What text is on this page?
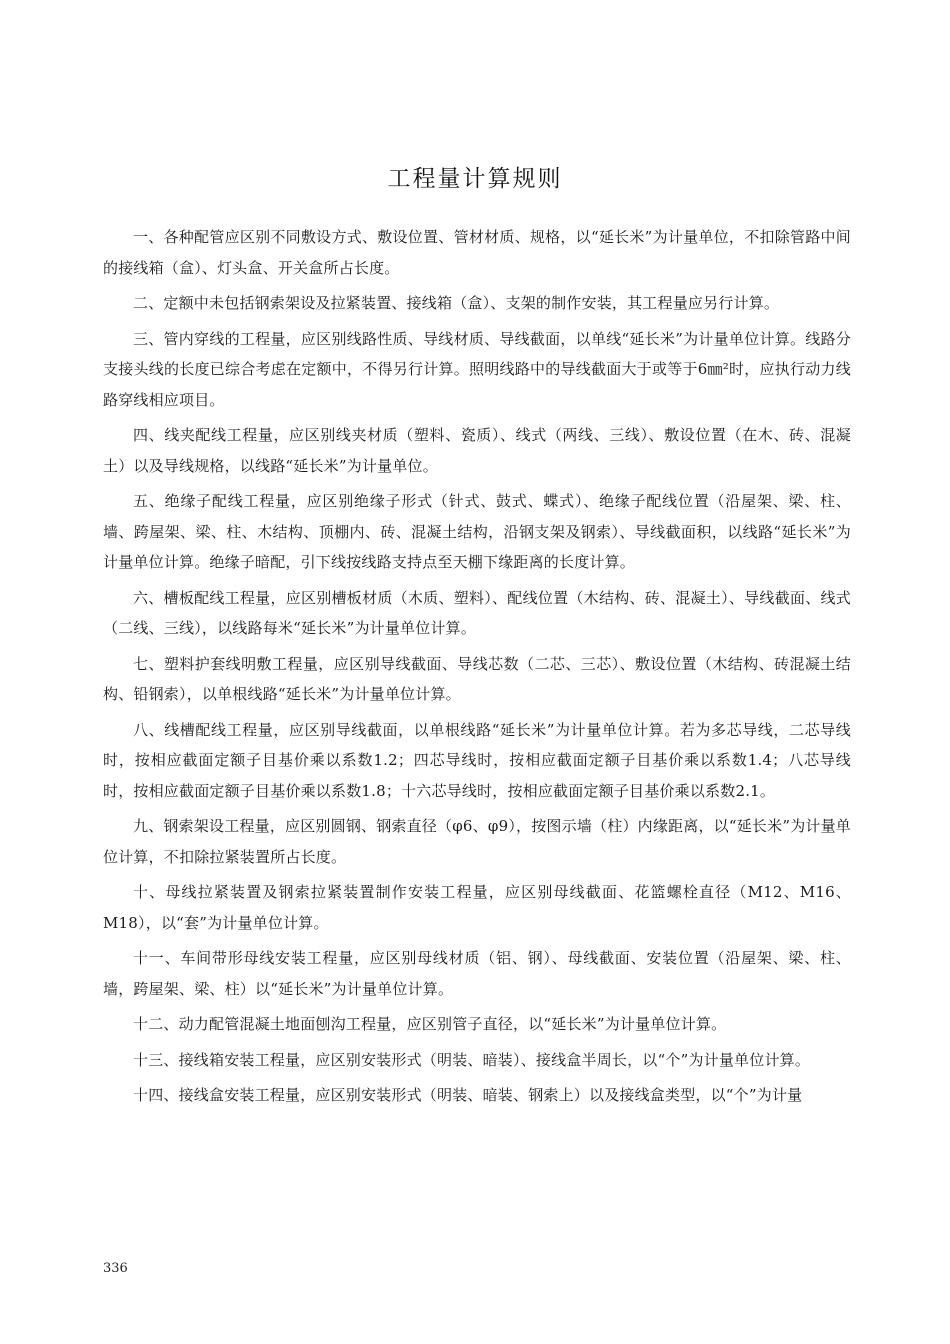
工程量计算规则

一、各种配管应区别不同敷设方式、敷设位置、管材材质、规格，以“延长米”为计量单位，不扣除管路中间的接线箱（盒）、灯头盒、开关盒所占长度。

二、定额中未包括钢索架设及拉紧装置、接线箱（盒）、支架的制作安装，其工程量应另行计算。

三、管内穿线的工程量，应区别线路性质、导线材质、导线截面，以单线“延长米”为计量单位计算。线路分支接头线的长度已综合考虑在定额中，不得另行计算。照明线路中的导线截面大于或等于6㎜²时，应执行动力线路穿线相应项目。

四、线夹配线工程量，应区别线夹材质（塑料、瓷质）、线式（两线、三线）、敷设位置（在木、砖、混凝土）以及导线规格，以线路“延长米”为计量单位。

五、绝缘子配线工程量，应区别绝缘子形式（针式、鼓式、蝶式）、绝缘子配线位置（沿屋架、梁、柱、墙、跨屋架、梁、柱、木结构、顶棚内、砖、混凝土结构，沿钢支架及钢索）、导线截面积，以线路“延长米”为计量单位计算。绝缘子暗配，引下线按线路支持点至天棚下缘距离的长度计算。

六、槽板配线工程量，应区别槽板材质（木质、塑料）、配线位置（木结构、砖、混凝土）、导线截面、线式（二线、三线），以线路每米“延长米”为计量单位计算。

七、塑料护套线明敷工程量，应区别导线截面、导线芯数（二芯、三芯）、敷设位置（木结构、砖混凝土结构、铅钢索），以单根线路“延长米”为计量单位计算。

八、线槽配线工程量，应区别导线截面，以单根线路“延长米”为计量单位计算。若为多芯导线，二芯导线时，按相应截面定额子目基价乘以系数1.2；四芯导线时，按相应截面定额子目基价乘以系数1.4；八芯导线时，按相应截面定额子目基价乘以系数1.8；十六芯导线时，按相应截面定额子目基价乘以系数2.1。

九、钢索架设工程量，应区别圆钢、钢索直径（φ6、φ9），按图示墙（柱）内缘距离，以“延长米”为计量单位计算，不扣除拉紧装置所占长度。

十、母线拉紧装置及钢索拉紧装置制作安装工程量，应区别母线截面、花篮螺栓直径（M12、M16、M18），以“套”为计量单位计算。

十一、车间带形母线安装工程量，应区别母线材质（铝、钢）、母线截面、安装位置（沿屋架、梁、柱、墙，跨屋架、梁、柱）以“延长米”为计量单位计算。

十二、动力配管混凝土地面刨沟工程量，应区别管子直径，以“延长米”为计量单位计算。

十三、接线箱安装工程量，应区别安装形式（明装、暗装）、接线盒半周长，以“个”为计量单位计算。

十四、接线盒安装工程量，应区别安装形式（明装、暗装、钢索上）以及接线盒类型，以“个”为计量

336
